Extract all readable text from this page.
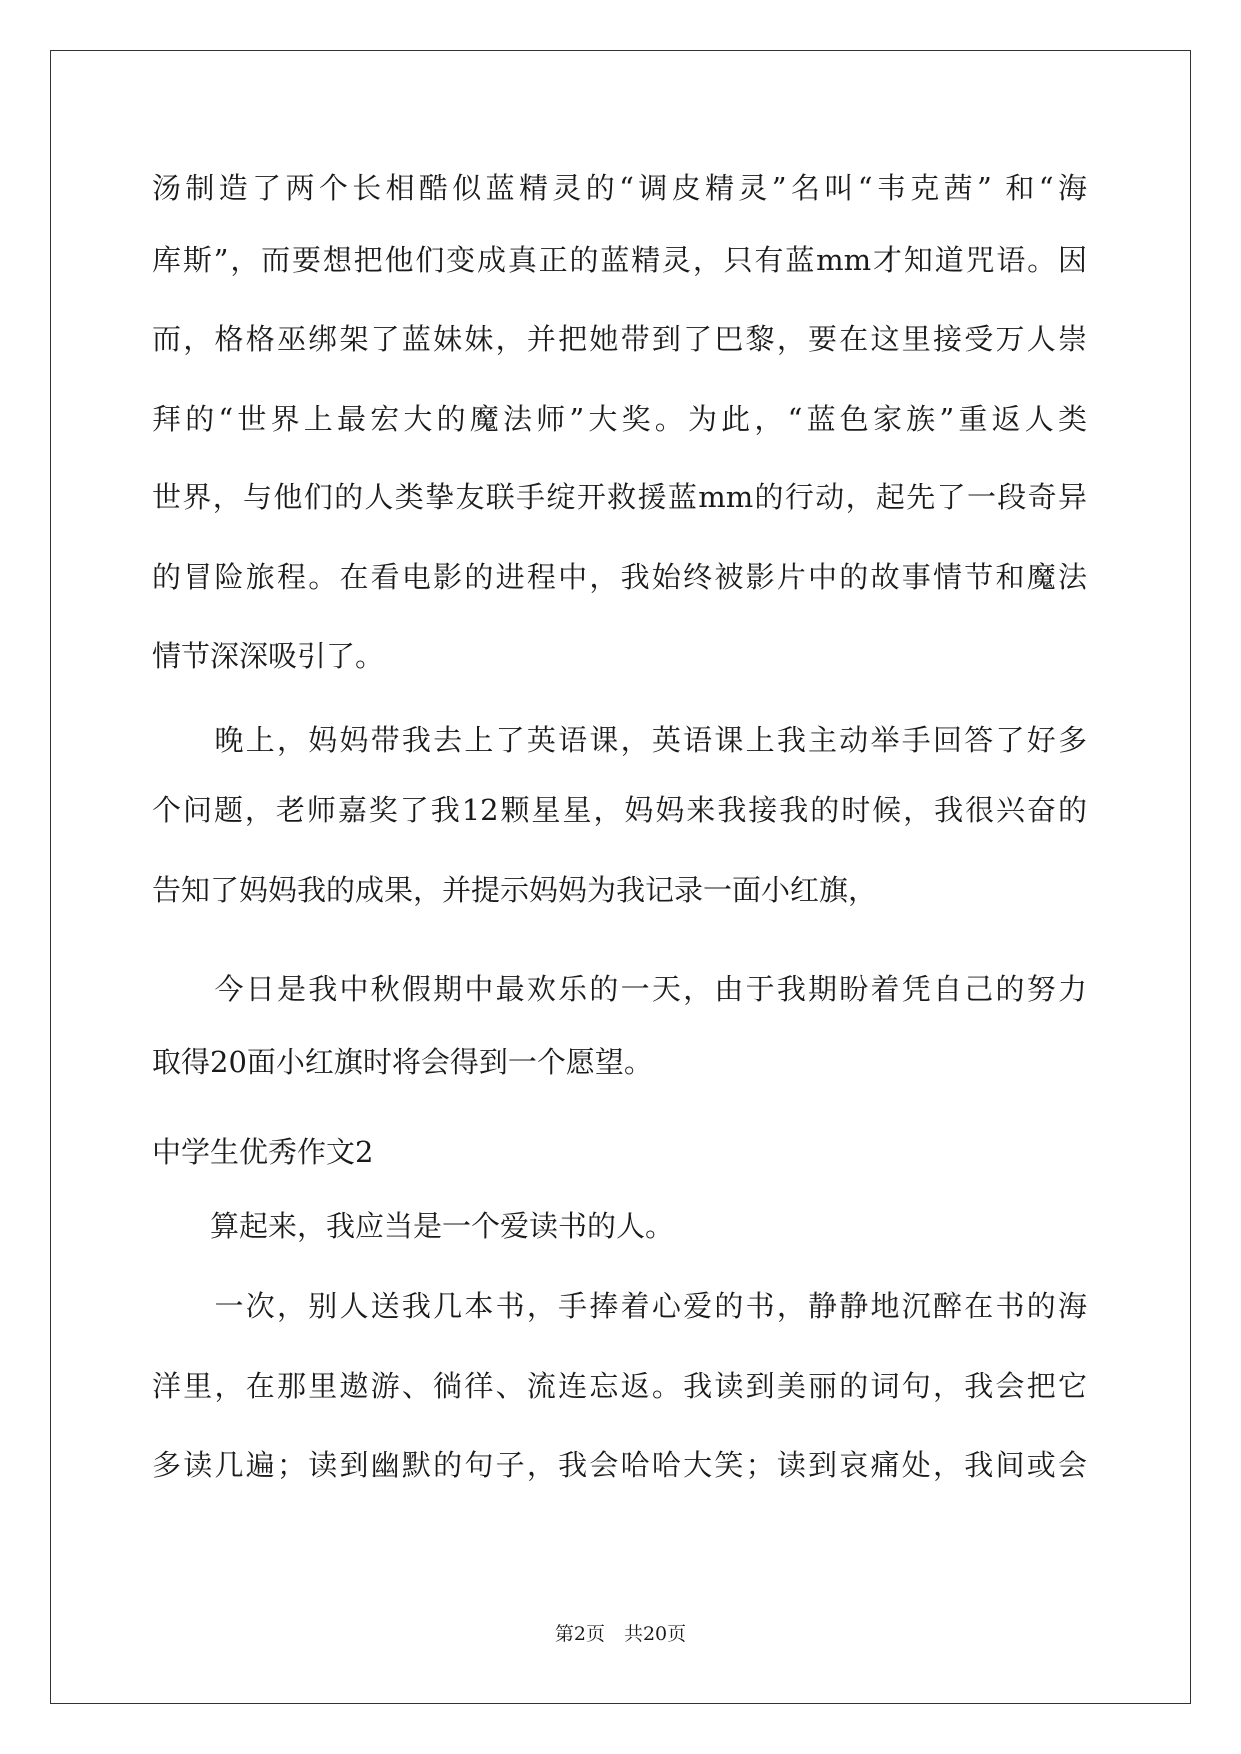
汤制造了两个长相酷似蓝精灵的“调皮精灵”名叫“韦克茜” 和“海
库斯”，而要想把他们变成真正的蓝精灵，只有蓝mm才知道咒语。因
而，格格巫绑架了蓝妹妹，并把她带到了巴黎，要在这里接受万人崇
拜的“世界上最宏大的魔法师”大奖。为此，“蓝色家族”重返人类
世界，与他们的人类挚友联手绽开救援蓝mm的行动，起先了一段奇异
的冒险旅程。在看电影的进程中，我始终被影片中的故事情节和魔法
情节深深吸引了。
　　晚上，妈妈带我去上了英语课，英语课上我主动举手回答了好多
个问题，老师嘉奖了我12颗星星，妈妈来我接我的时候，我很兴奋的
告知了妈妈我的成果，并提示妈妈为我记录一面小红旗，
　　今日是我中秋假期中最欢乐的一天，由于我期盼着凭自己的努力
取得20面小红旗时将会得到一个愿望。
中学生优秀作文2
　　算起来，我应当是一个爱读书的人。
　　一次，别人送我几本书，手捧着心爱的书，静静地沉醉在书的海
洋里，在那里遨游、徜徉、流连忘返。我读到美丽的词句，我会把它
多读几遍；读到幽默的句子，我会哈哈大笑；读到哀痛处，我间或会
第2页　共20页
